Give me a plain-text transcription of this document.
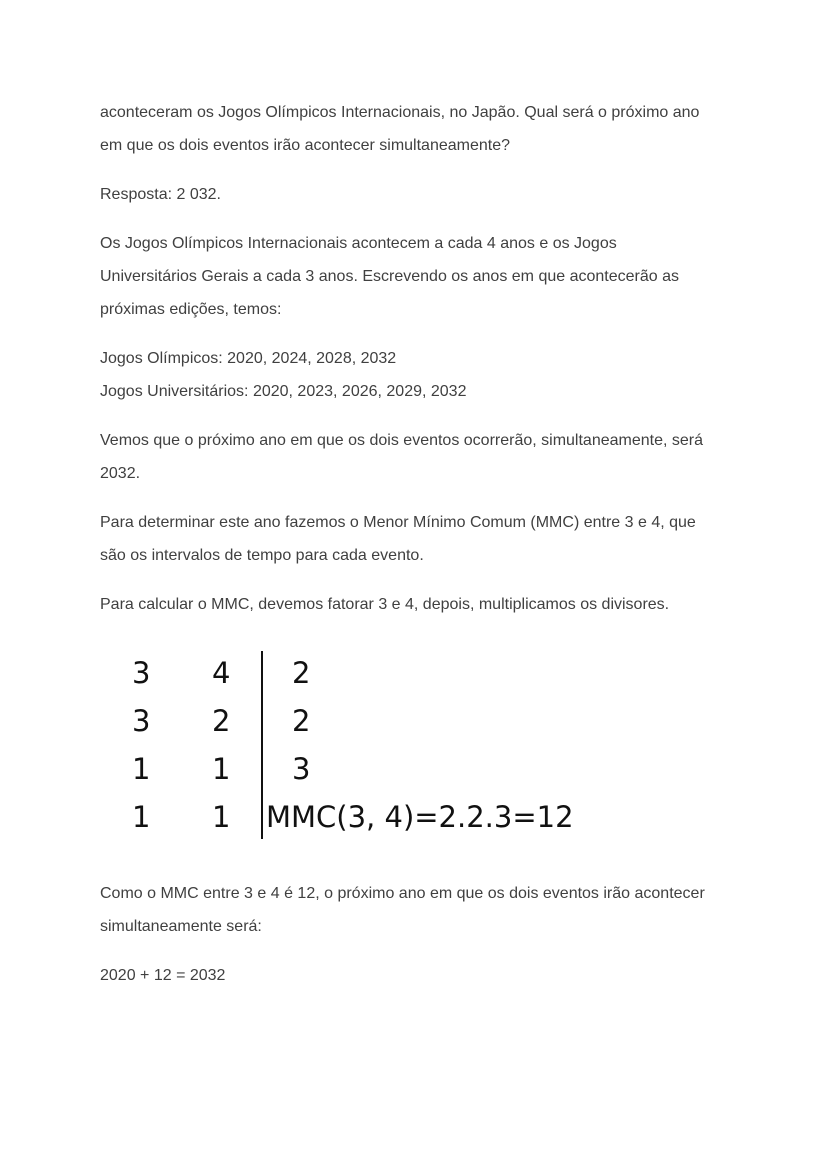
aconteceram os Jogos Olímpicos Internacionais, no Japão. Qual será o próximo ano
em que os dois eventos irão acontecer simultaneamente?

Resposta: 2 032.

Os Jogos Olímpicos Internacionais acontecem a cada 4 anos e os Jogos
Universitários Gerais a cada 3 anos. Escrevendo os anos em que acontecerão as
próximas edições, temos:

Jogos Olímpicos: 2020, 2024, 2028, 2032
Jogos Universitários: 2020, 2023, 2026, 2029, 2032

Vemos que o próximo ano em que os dois eventos ocorrerão, simultaneamente, será
2032.

Para determinar este ano fazemos o Menor Mínimo Comum (MMC) entre 3 e 4, que
são os intervalos de tempo para cada evento.

Para calcular o MMC, devemos fatorar 3 e 4, depois, multiplicamos os divisores.

3 4 2
3 2 2
1 1 3
1 1 MMC(3, 4)=2.2.3=12

Como o MMC entre 3 e 4 é 12, o próximo ano em que os dois eventos irão acontecer
simultaneamente será:

2020 + 12 = 2032
